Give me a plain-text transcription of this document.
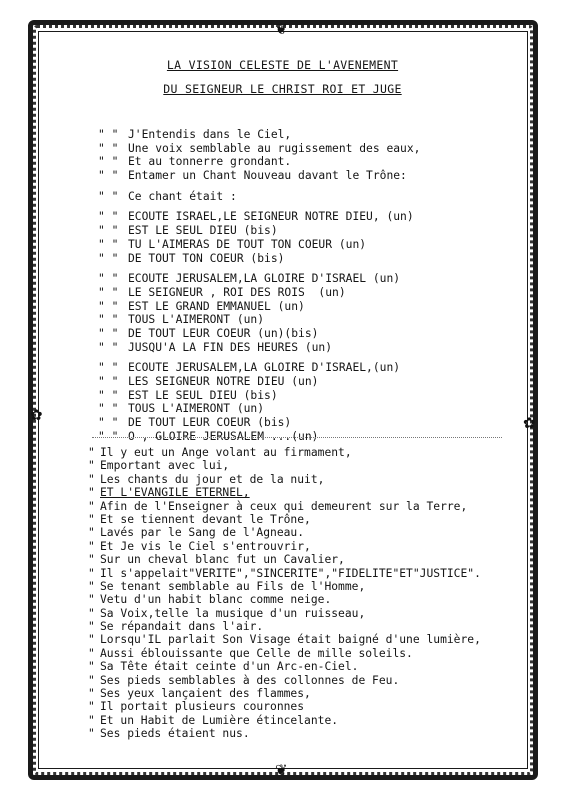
❦
❦
✿	✿
LA VISION CELESTE DE L'AVENEMENT
DU SEIGNEUR LE CHRIST ROI ET JUGE
" " J'Entendis dans le Ciel,
" " Une voix semblable au rugissement des eaux,
" " Et au tonnerre grondant.
" " Entamer un Chant Nouveau davant le Trône:
" " Ce chant était :
" " ECOUTE ISRAEL,LE SEIGNEUR NOTRE DIEU, (un)
" " EST LE SEUL DIEU (bis)
" " TU L'AIMERAS DE TOUT TON COEUR (un)
" " DE TOUT TON COEUR (bis)
" " ECOUTE JERUSALEM,LA GLOIRE D'ISRAEL (un)
" " LE SEIGNEUR , ROI DES ROIS  (un)
" " EST LE GRAND EMMANUEL (un)
" " TOUS L'AIMERONT (un)
" " DE TOUT LEUR COEUR (un)(bis)
" " JUSQU'A LA FIN DES HEURES (un)
" " ECOUTE JERUSALEM,LA GLOIRE D'ISRAEL,(un)
" " LES SEIGNEUR NOTRE DIEU (un)
" " EST LE SEUL DIEU (bis)
" " TOUS L'AIMERONT (un)
" " DE TOUT LEUR COEUR (bis)
" " O , GLOIRE JERUSALEM ...(un)
" Il y eut un Ange volant au firmament,
" Emportant avec lui,
" Les chants du jour et de la nuit,
" ET L'EVANGILE ETERNEL,
" Afin de l'Enseigner à ceux qui demeurent sur la Terre,
" Et se tiennent devant le Trône,
" Lavés par le Sang de l'Agneau.
" Et Je vis le Ciel s'entrouvrir,
" Sur un cheval blanc fut un Cavalier,
" Il s'appelait"VERITE","SINCERITE","FIDELITE"ET"JUSTICE".
" Se tenant semblable au Fils de l'Homme,
" Vetu d'un habit blanc comme neige.
" Sa Voix,telle la musique d'un ruisseau,
" Se répandait dans l'air.
" Lorsqu'IL parlait Son Visage était baigné d'une lumière,
" Aussi éblouissante que Celle de mille soleils.
" Sa Tête était ceinte d'un Arc-en-Ciel.
" Ses pieds semblables à des collonnes de Feu.
" Ses yeux lançaient des flammes,
" Il portait plusieurs couronnes
" Et un Habit de Lumière étincelante.
" Ses pieds étaient nus.
